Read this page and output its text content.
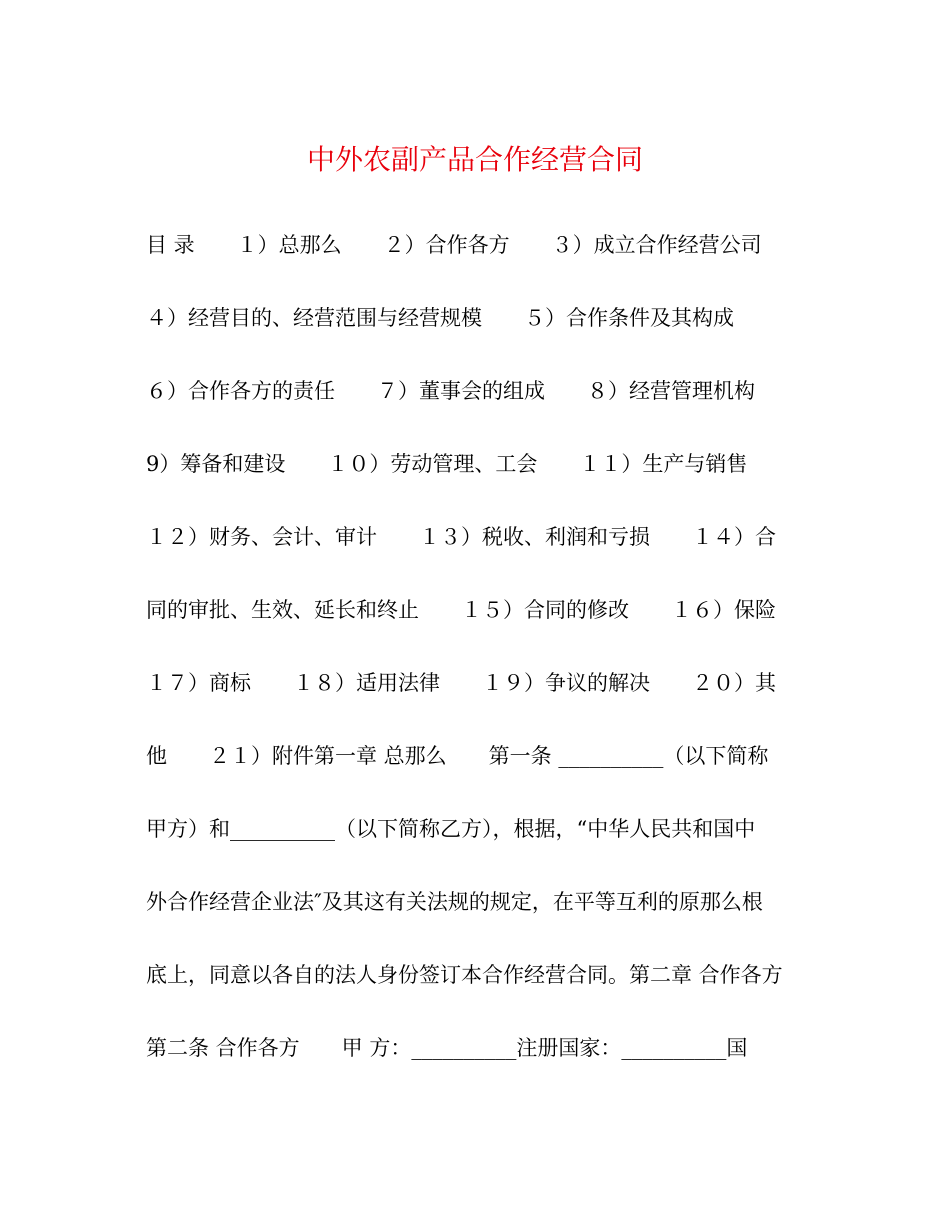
中外农副产品合作经营合同
目 录　　１）总那么　　２）合作各方　　３）成立合作经营公司
４）经营目的、经营范围与经营规模　　５）合作条件及其构成
６）合作各方的责任　　７）董事会的组成　　８）经营管理机构
9）筹备和建设　　１０）劳动管理、工会　　１１）生产与销售
１２）财务、会计、审计　　１３）税收、利润和亏损　　１４）合
同的审批、生效、延长和终止　　１５）合同的修改　　１６）保险
１７）商标　　１８）适用法律　　１９）争议的解决　　２０）其
他　　２１）附件第一章 总那么　　第一条 __________（以下简称
甲方）和__________（以下简称乙方），根据，“中华人民共和国中
外合作经营企业法″及其这有关法规的规定，在平等互利的原那么根
底上，同意以各自的法人身份签订本合作经营合同。第二章 合作各方
第二条 合作各方　　甲 方：__________注册国家：__________国
